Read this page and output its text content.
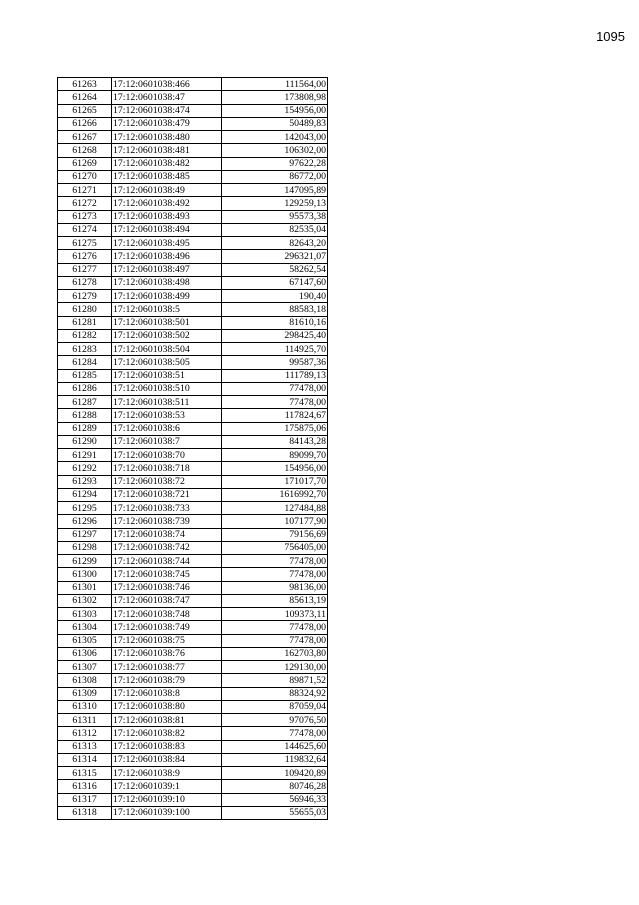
1095
61263	17:12:0601038:466	111564,00
61264	17:12:0601038:47	173808,98
61265	17:12:0601038:474	154956,00
61266	17:12:0601038:479	50489,83
61267	17:12:0601038:480	142043,00
61268	17:12:0601038:481	106302,00
61269	17:12:0601038:482	97622,28
61270	17:12:0601038:485	86772,00
61271	17:12:0601038:49	147095,89
61272	17:12:0601038:492	129259,13
61273	17:12:0601038:493	95573,38
61274	17:12:0601038:494	82535,04
61275	17:12:0601038:495	82643,20
61276	17:12:0601038:496	296321,07
61277	17:12:0601038:497	58262,54
61278	17:12:0601038:498	67147,60
61279	17:12:0601038:499	190,40
61280	17:12:0601038:5	88583,18
61281	17:12:0601038:501	81610,16
61282	17:12:0601038:502	298425,40
61283	17:12:0601038:504	114925,70
61284	17:12:0601038:505	99587,36
61285	17:12:0601038:51	111789,13
61286	17:12:0601038:510	77478,00
61287	17:12:0601038:511	77478,00
61288	17:12:0601038:53	117824,67
61289	17:12:0601038:6	175875,06
61290	17:12:0601038:7	84143,28
61291	17:12:0601038:70	89099,70
61292	17:12:0601038:718	154956,00
61293	17:12:0601038:72	171017,70
61294	17:12:0601038:721	1616992,70
61295	17:12:0601038:733	127484,88
61296	17:12:0601038:739	107177,90
61297	17:12:0601038:74	79156,69
61298	17:12:0601038:742	756405,00
61299	17:12:0601038:744	77478,00
61300	17:12:0601038:745	77478,00
61301	17:12:0601038:746	98136,00
61302	17:12:0601038:747	85613,19
61303	17:12:0601038:748	109373,11
61304	17:12:0601038:749	77478,00
61305	17:12:0601038:75	77478,00
61306	17:12:0601038:76	162703,80
61307	17:12:0601038:77	129130,00
61308	17:12:0601038:79	89871,52
61309	17:12:0601038:8	88324,92
61310	17:12:0601038:80	87059,04
61311	17:12:0601038:81	97076,50
61312	17:12:0601038:82	77478,00
61313	17:12:0601038:83	144625,60
61314	17:12:0601038:84	119832,64
61315	17:12:0601038:9	109420,89
61316	17:12:0601039:1	80746,28
61317	17:12:0601039:10	56946,33
61318	17:12:0601039:100	55655,03
